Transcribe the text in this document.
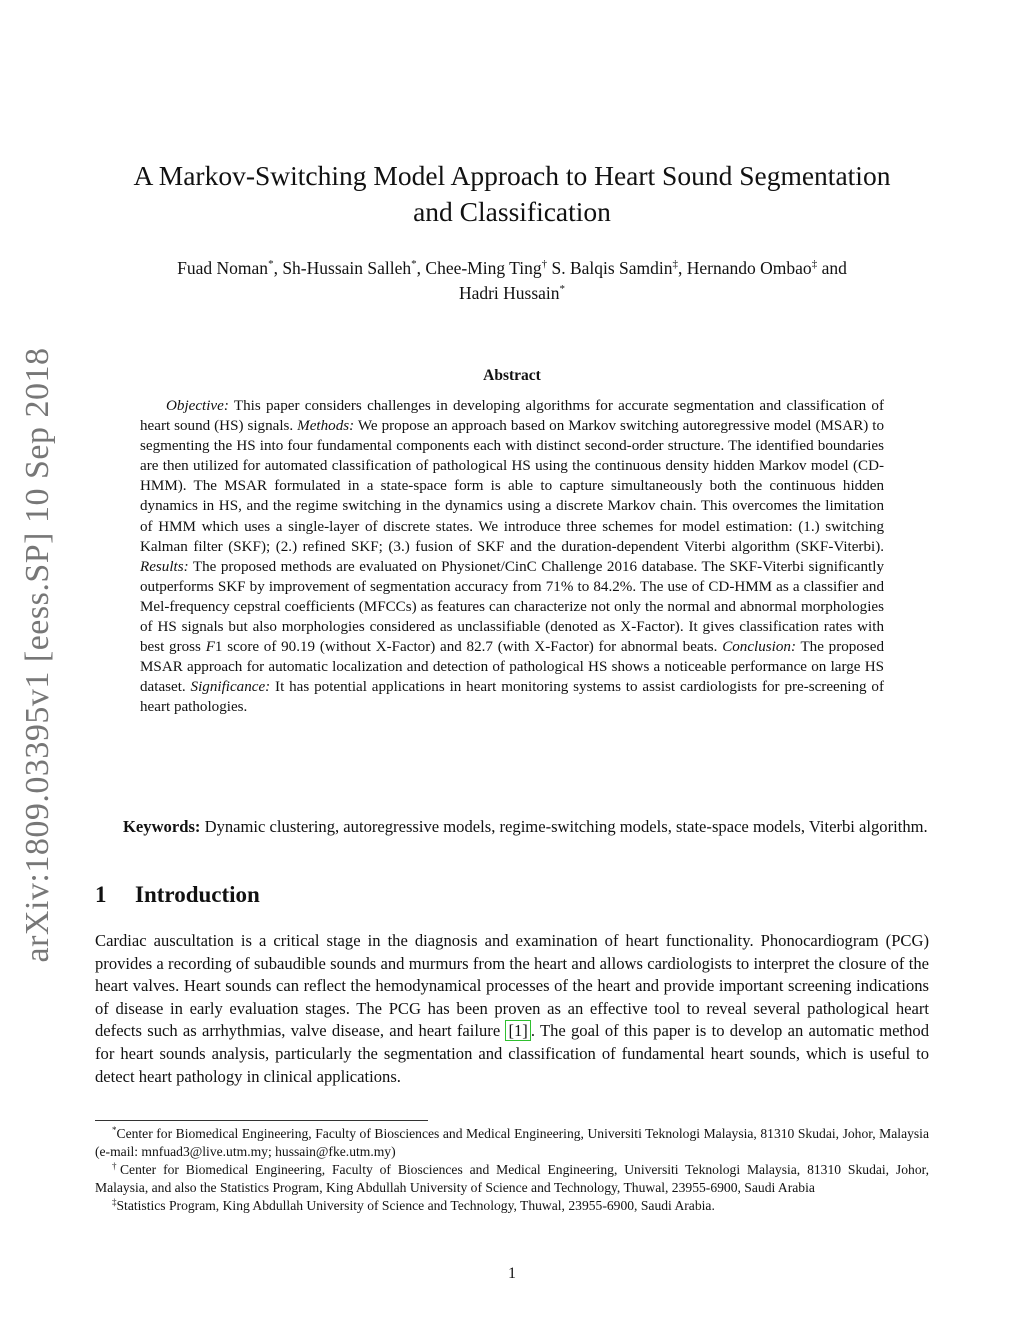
arXiv:1809.03395v1 [eess.SP] 10 Sep 2018
A Markov-Switching Model Approach to Heart Sound Segmentation
and Classification
Fuad Noman*, Sh-Hussain Salleh*, Chee-Ming Ting† S. Balqis Samdin‡, Hernando Ombao‡ and
Hadri Hussain*
Abstract

Objective: This paper considers challenges in developing algorithms for accurate segmentation and classification of heart sound (HS) signals. Methods: We propose an approach based on Markov switching autoregressive model (MSAR) to segmenting the HS into four fundamental components each with distinct second-order structure. The identified boundaries are then utilized for automated classification of pathological HS using the continuous density hidden Markov model (CD-HMM). The MSAR formulated in a state-space form is able to capture simultaneously both the continuous hidden dynamics in HS, and the regime switching in the dynamics using a discrete Markov chain. This overcomes the limitation of HMM which uses a single-layer of discrete states. We introduce three schemes for model estimation: (1.) switching Kalman filter (SKF); (2.) refined SKF; (3.) fusion of SKF and the duration-dependent Viterbi algorithm (SKF-Viterbi). Results: The proposed methods are evaluated on Physionet/CinC Challenge 2016 database. The SKF-Viterbi significantly outperforms SKF by improvement of segmentation accuracy from 71% to 84.2%. The use of CD-HMM as a classifier and Mel-frequency cepstral coefficients (MFCCs) as features can characterize not only the normal and abnormal morphologies of HS signals but also morphologies considered as unclassifiable (denoted as X-Factor). It gives classification rates with best gross F1 score of 90.19 (without X-Factor) and 82.7 (with X-Factor) for abnormal beats. Conclusion: The proposed MSAR approach for automatic localization and detection of pathological HS shows a noticeable performance on large HS dataset. Significance: It has potential applications in heart monitoring systems to assist cardiologists for pre-screening of heart pathologies.

Keywords: Dynamic clustering, autoregressive models, regime-switching models, state-space models, Viterbi algorithm.

1 Introduction

Cardiac auscultation is a critical stage in the diagnosis and examination of heart functionality. Phonocardiogram (PCG) provides a recording of subaudible sounds and murmurs from the heart and allows cardiologists to interpret the closure of the heart valves. Heart sounds can reflect the hemodynamical processes of the heart and provide important screening indications of disease in early evaluation stages. The PCG has been proven as an effective tool to reveal several pathological heart defects such as arrhythmias, valve disease, and heart failure [1] . The goal of this paper is to develop an automatic method for heart sounds analysis, particularly the segmentation and classification of fundamental heart sounds, which is useful to detect heart pathology in clinical applications.

*Center for Biomedical Engineering, Faculty of Biosciences and Medical Engineering, Universiti Teknologi Malaysia, 81310 Skudai, Johor, Malaysia (e-mail: mnfuad3@live.utm.my; hussain@fke.utm.my)

†Center for Biomedical Engineering, Faculty of Biosciences and Medical Engineering, Universiti Teknologi Malaysia, 81310 Skudai, Johor, Malaysia, and also the Statistics Program, King Abdullah University of Science and Technology, Thuwal, 23955-6900, Saudi Arabia

‡Statistics Program, King Abdullah University of Science and Technology, Thuwal, 23955-6900, Saudi Arabia.

1
